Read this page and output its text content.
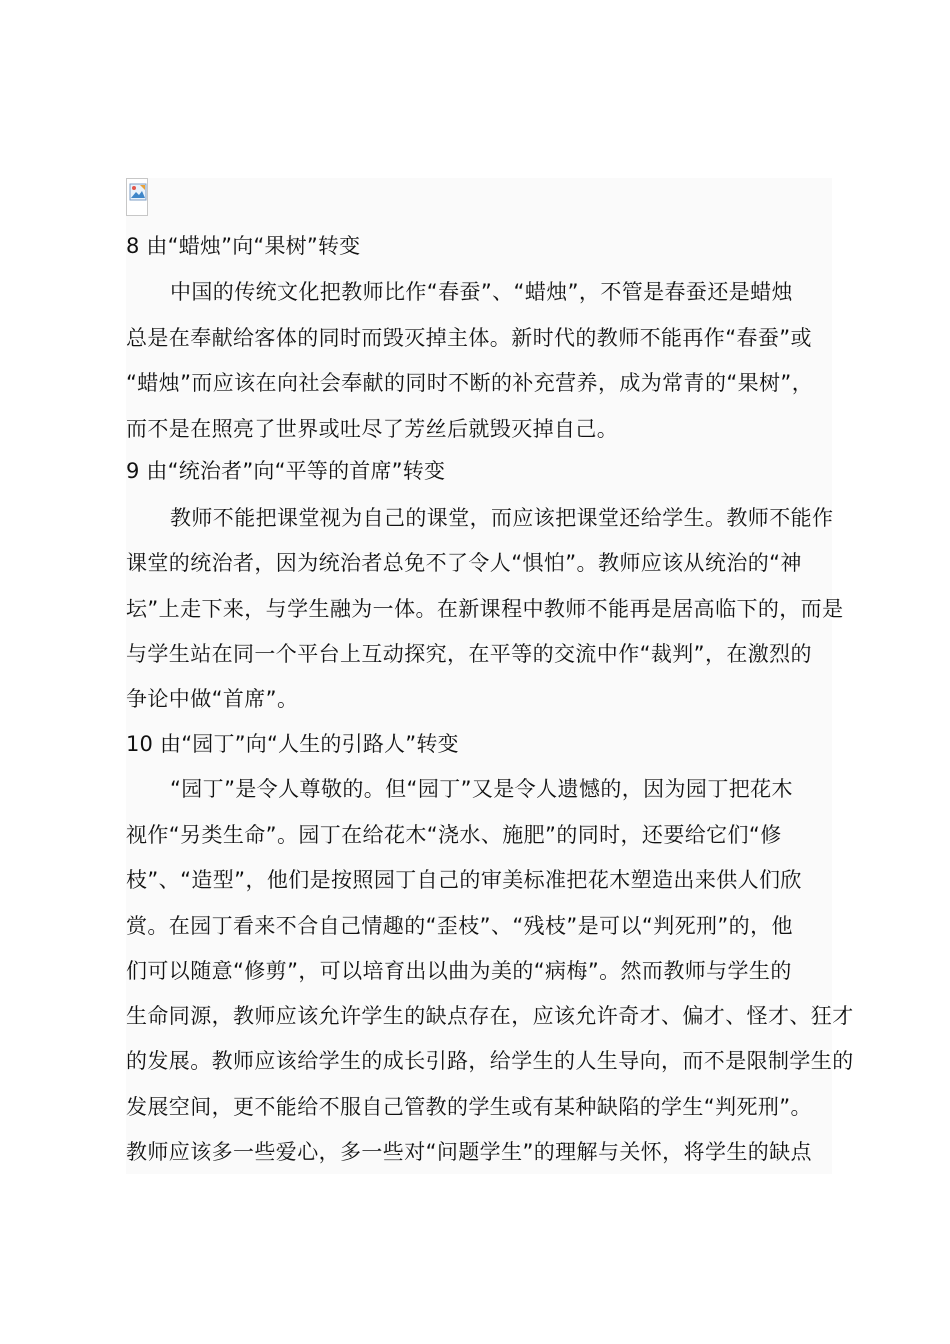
8 由“蜡烛”向“果树”转变
中国的传统文化把教师比作“春蚕”、“蜡烛”，不管是春蚕还是蜡烛
总是在奉献给客体的同时而毁灭掉主体。新时代的教师不能再作“春蚕”或
“蜡烛”而应该在向社会奉献的同时不断的补充营养，成为常青的“果树”，
而不是在照亮了世界或吐尽了芳丝后就毁灭掉自己。
9 由“统治者”向“平等的首席”转变
教师不能把课堂视为自己的课堂，而应该把课堂还给学生。教师不能作
课堂的统治者，因为统治者总免不了令人“惧怕”。教师应该从统治的“神
坛”上走下来，与学生融为一体。在新课程中教师不能再是居高临下的，而是
与学生站在同一个平台上互动探究，在平等的交流中作“裁判”，在激烈的
争论中做“首席”。
10 由“园丁”向“人生的引路人”转变
“园丁”是令人尊敬的。但“园丁”又是令人遗憾的，因为园丁把花木
视作“另类生命”。园丁在给花木“浇水、施肥”的同时，还要给它们“修
枝”、“造型”，他们是按照园丁自己的审美标准把花木塑造出来供人们欣
赏。在园丁看来不合自己情趣的“歪枝”、“残枝”是可以“判死刑”的，他
们可以随意“修剪”，可以培育出以曲为美的“病梅”。然而教师与学生的
生命同源，教师应该允许学生的缺点存在，应该允许奇才、偏才、怪才、狂才
的发展。教师应该给学生的成长引路，给学生的人生导向，而不是限制学生的
发展空间，更不能给不服自己管教的学生或有某种缺陷的学生“判死刑”。
教师应该多一些爱心，多一些对“问题学生”的理解与关怀，将学生的缺点
